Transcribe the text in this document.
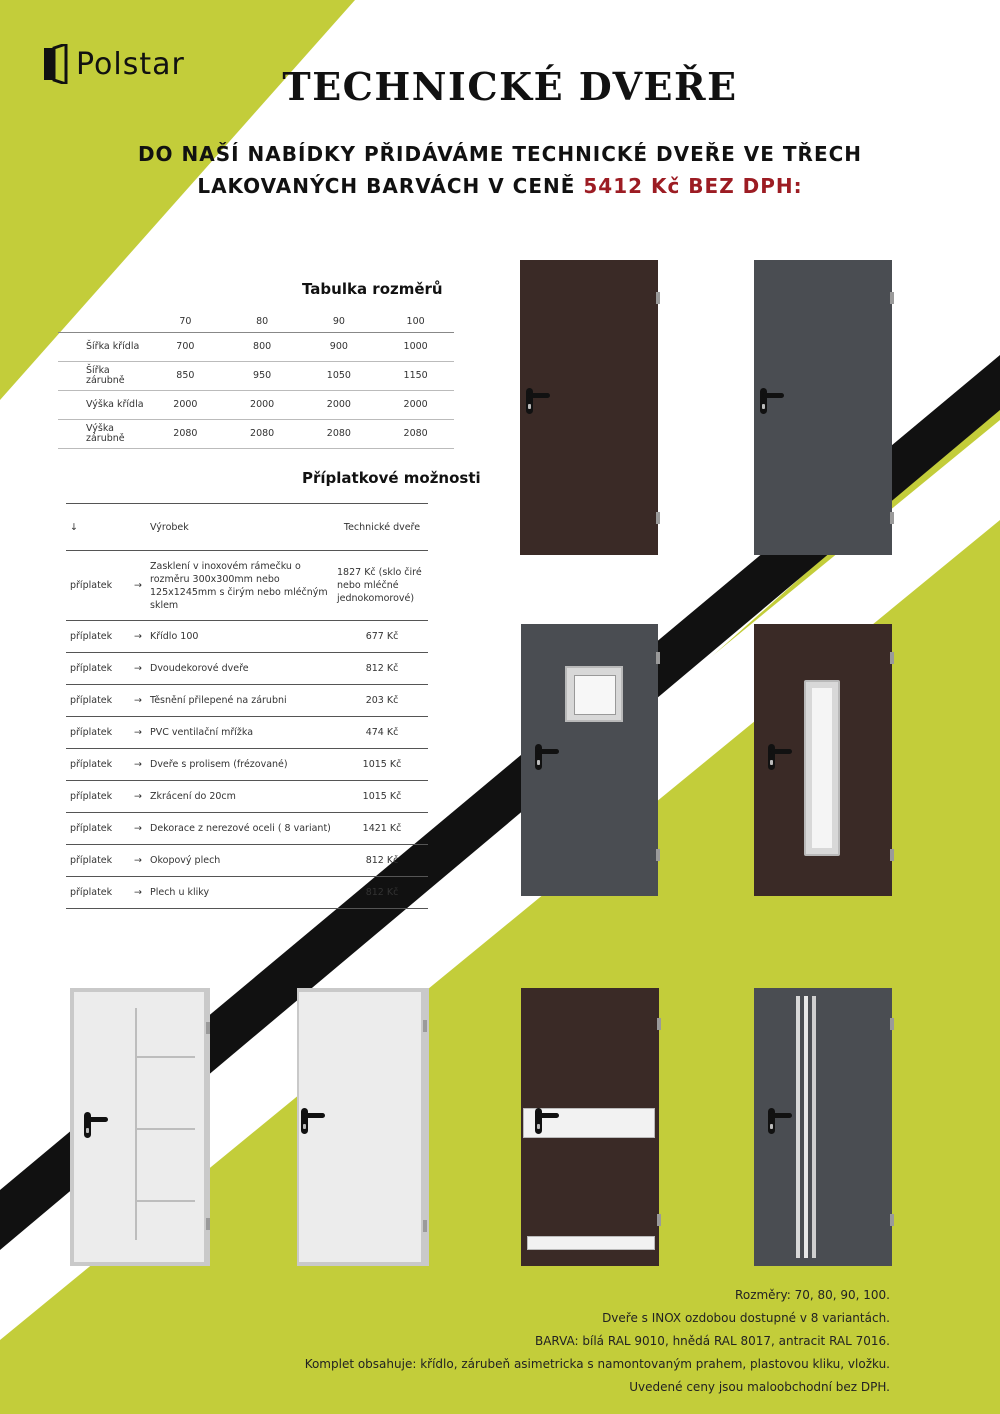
Polstar	TECHNICKÉ DVEŘE
DO NAŠÍ NABÍDKY PŘIDÁVÁME TECHNICKÉ DVEŘE VE TŘECH
LAKOVANÝCH BARVÁCH V CENĚ 5412 Kč BEZ DPH:
Tabulka rozměrů
	70	80	90	100
Šířka křídla	700	800	900	1000
Šířka zárubně	850	950	1050	1150
Výška křídla	2000	2000	2000	2000
Výška zárubně	2080	2080	2080	2080
Příplatkové možnosti
↓		Výrobek	Technické dveře
příplatek	→	Zasklení v inoxovém rámečku o rozměru 300x300mm nebo 125x1245mm s čirým nebo mléčným sklem	1827 Kč (sklo čiré nebo mléčné jednokomorové)
příplatek	→	Křídlo 100	677 Kč
příplatek	→	Dvoudekorové dveře	812 Kč
příplatek	→	Těsnění přilepené na zárubni	203 Kč
příplatek	→	PVC ventilační mřížka	474 Kč
příplatek	→	Dveře s prolisem (frézované)	1015 Kč
příplatek	→	Zkrácení do 20cm	1015 Kč
příplatek	→	Dekorace z nerezové oceli ( 8 variant)	1421 Kč
příplatek	→	Okopový plech	812 Kč
příplatek	→	Plech u kliky	812 Kč
Rozměry: 70, 80, 90, 100.
Dveře s INOX ozdobou dostupné v 8 variantách.
BARVA: bílá RAL 9010, hnědá RAL 8017, antracit RAL 7016.
Komplet obsahuje: křídlo, zárubeň asimetricka s namontovaným prahem, plastovou kliku, vložku.
Uvedené ceny jsou maloobchodní bez DPH.
